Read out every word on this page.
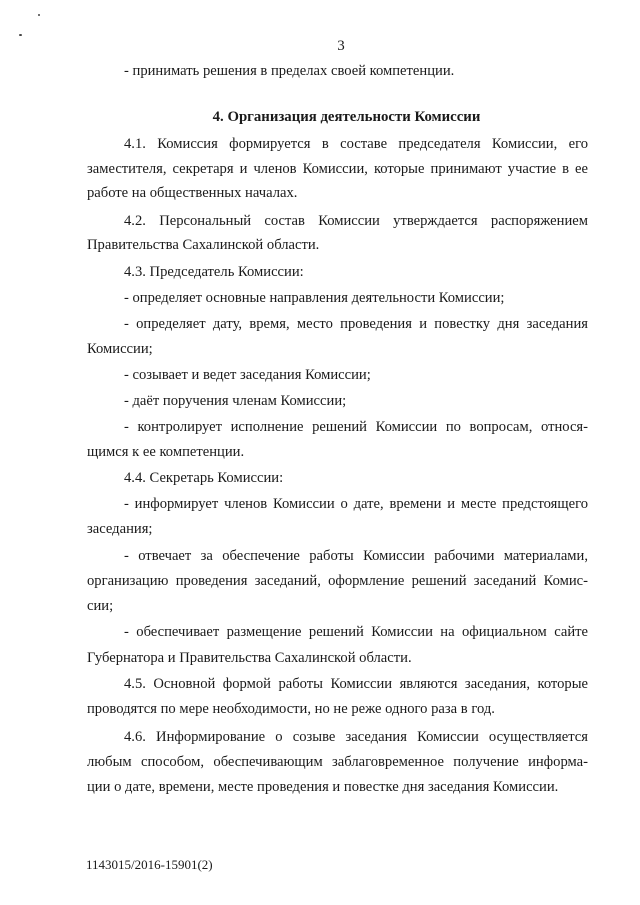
3
- принимать решения в пределах своей компетенции.
4. Организация деятельности Комиссии
4.1. Комиссия формируется в составе председателя Комиссии, его
заместителя, секретаря и членов Комиссии, которые принимают участие в ее
работе на общественных началах.
4.2. Персональный состав Комиссии утверждается распоряжением
Правительства Сахалинской области.
4.3. Председатель Комиссии:
- определяет основные направления деятельности Комиссии;
- определяет дату, время, место проведения и повестку дня заседания
Комиссии;
- созывает и ведет заседания Комиссии;
- даёт поручения членам Комиссии;
- контролирует исполнение решений Комиссии по вопросам, относя-
щимся к ее компетенции.
4.4. Секретарь Комиссии:
- информирует членов Комиссии о дате, времени и месте предстоящего
заседания;
- отвечает за обеспечение работы Комиссии рабочими материалами,
организацию проведения заседаний, оформление решений заседаний Комис-
сии;
- обеспечивает размещение решений Комиссии на официальном сайте
Губернатора и Правительства Сахалинской области.
4.5. Основной формой работы Комиссии являются заседания, которые
проводятся по мере необходимости, но не реже одного раза в год.
4.6. Информирование о созыве заседания Комиссии осуществляется
любым способом, обеспечивающим заблаговременное получение информа-
ции о дате, времени, месте проведения и повестке дня заседания Комиссии.
1143015/2016-15901(2)
